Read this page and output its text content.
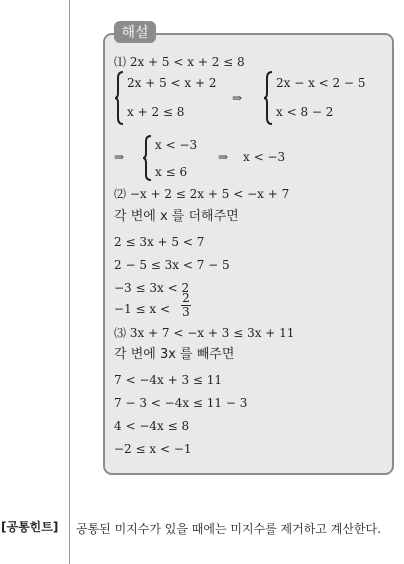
해설
⑴ 2x + 5 < x + 2 ≤ 8
2x + 5 < x + 2
x + 2 ≤ 8
⇒
2x − x < 2 − 5
x < 8 − 2
⇒
x < −3
x ≤ 6
⇒ x < −3
⑵ −x + 2 ≤ 2x + 5 < −x + 7
각 변에 x 를 더해주면
2 ≤ 3x + 5 < 7
2 − 5 ≤ 3x < 7 − 5
−3 ≤ 3x < 2
$-1 \le x < \frac{2}{3}$
⑶ 3x + 7 < −x + 3 ≤ 3x + 11
각 변에 3x 를 빼주면
7 < −4x + 3 ≤ 11
7 − 3 < −4x ≤ 11 − 3
4 < −4x ≤ 8
−2 ≤ x < −1
[공통힌트] 공통된 미지수가 있을 때에는 미지수를 제거하고 계산한다.
